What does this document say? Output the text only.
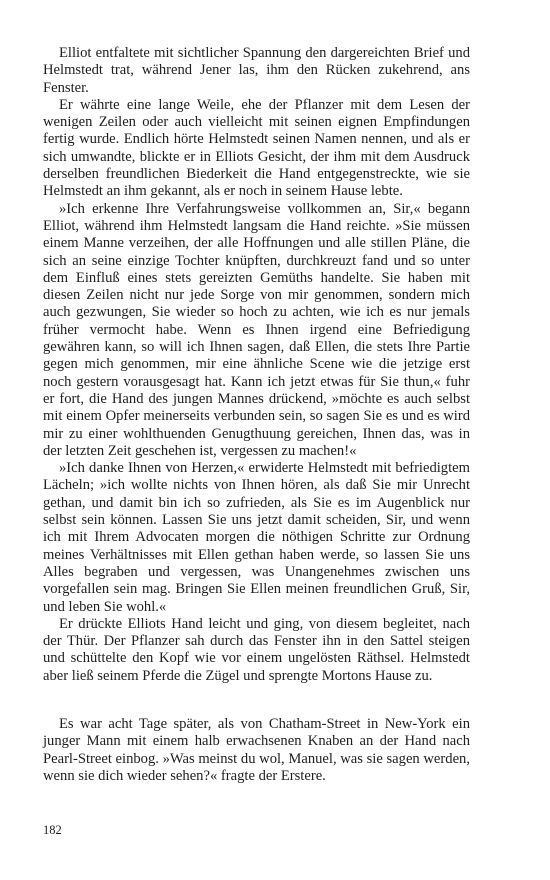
Elliot entfaltete mit sichtlicher Spannung den dargereichten Brief und Helmstedt trat, während Jener las, ihm den Rücken zukehrend, ans Fenster.

Er währte eine lange Weile, ehe der Pflanzer mit dem Lesen der wenigen Zeilen oder auch vielleicht mit seinen eignen Empfindungen fertig wurde. Endlich hörte Helmstedt seinen Namen nennen, und als er sich umwandte, blickte er in Elliots Gesicht, der ihm mit dem Ausdruck derselben freundlichen Biederkeit die Hand entgegenstreckte, wie sie Helmstedt an ihm gekannt, als er noch in seinem Hause lebte.

»Ich erkenne Ihre Verfahrungsweise vollkommen an, Sir,« begann Elliot, während ihm Helmstedt langsam die Hand reichte. »Sie müssen einem Manne verzeihen, der alle Hoffnungen und alle stillen Pläne, die sich an seine einzige Tochter knüpften, durchkreuzt fand und so unter dem Einfluß eines stets gereizten Gemüths handelte. Sie haben mit diesen Zeilen nicht nur jede Sorge von mir genommen, sondern mich auch gezwungen, Sie wieder so hoch zu achten, wie ich es nur jemals früher vermocht habe. Wenn es Ihnen irgend eine Befriedigung gewähren kann, so will ich Ihnen sagen, daß Ellen, die stets Ihre Partie gegen mich genommen, mir eine ähnliche Scene wie die jetzige erst noch gestern vorausgesagt hat. Kann ich jetzt etwas für Sie thun,« fuhr er fort, die Hand des jungen Mannes drückend, »möchte es auch selbst mit einem Opfer meinerseits verbunden sein, so sagen Sie es und es wird mir zu einer wohlthuenden Genugthuung gereichen, Ihnen das, was in der letzten Zeit geschehen ist, vergessen zu machen!«

»Ich danke Ihnen von Herzen,« erwiderte Helmstedt mit befriedigtem Lächeln; »ich wollte nichts von Ihnen hören, als daß Sie mir Unrecht gethan, und damit bin ich so zufrieden, als Sie es im Augenblick nur selbst sein können. Lassen Sie uns jetzt damit scheiden, Sir, und wenn ich mit Ihrem Advocaten morgen die nöthigen Schritte zur Ordnung meines Verhältnisses mit Ellen gethan haben werde, so lassen Sie uns Alles begraben und vergessen, was Unangenehmes zwischen uns vorgefallen sein mag. Bringen Sie Ellen meinen freundlichen Gruß, Sir, und leben Sie wohl.«

Er drückte Elliots Hand leicht und ging, von diesem begleitet, nach der Thür. Der Pflanzer sah durch das Fenster ihn in den Sattel steigen und schüttelte den Kopf wie vor einem ungelösten Räthsel. Helmstedt aber ließ seinem Pferde die Zügel und sprengte Mortons Hause zu.

Es war acht Tage später, als von Chatham-Street in New-York ein junger Mann mit einem halb erwachsenen Knaben an der Hand nach Pearl-Street einbog. »Was meinst du wol, Manuel, was sie sagen werden, wenn sie dich wieder sehen?« fragte der Erstere.

182
